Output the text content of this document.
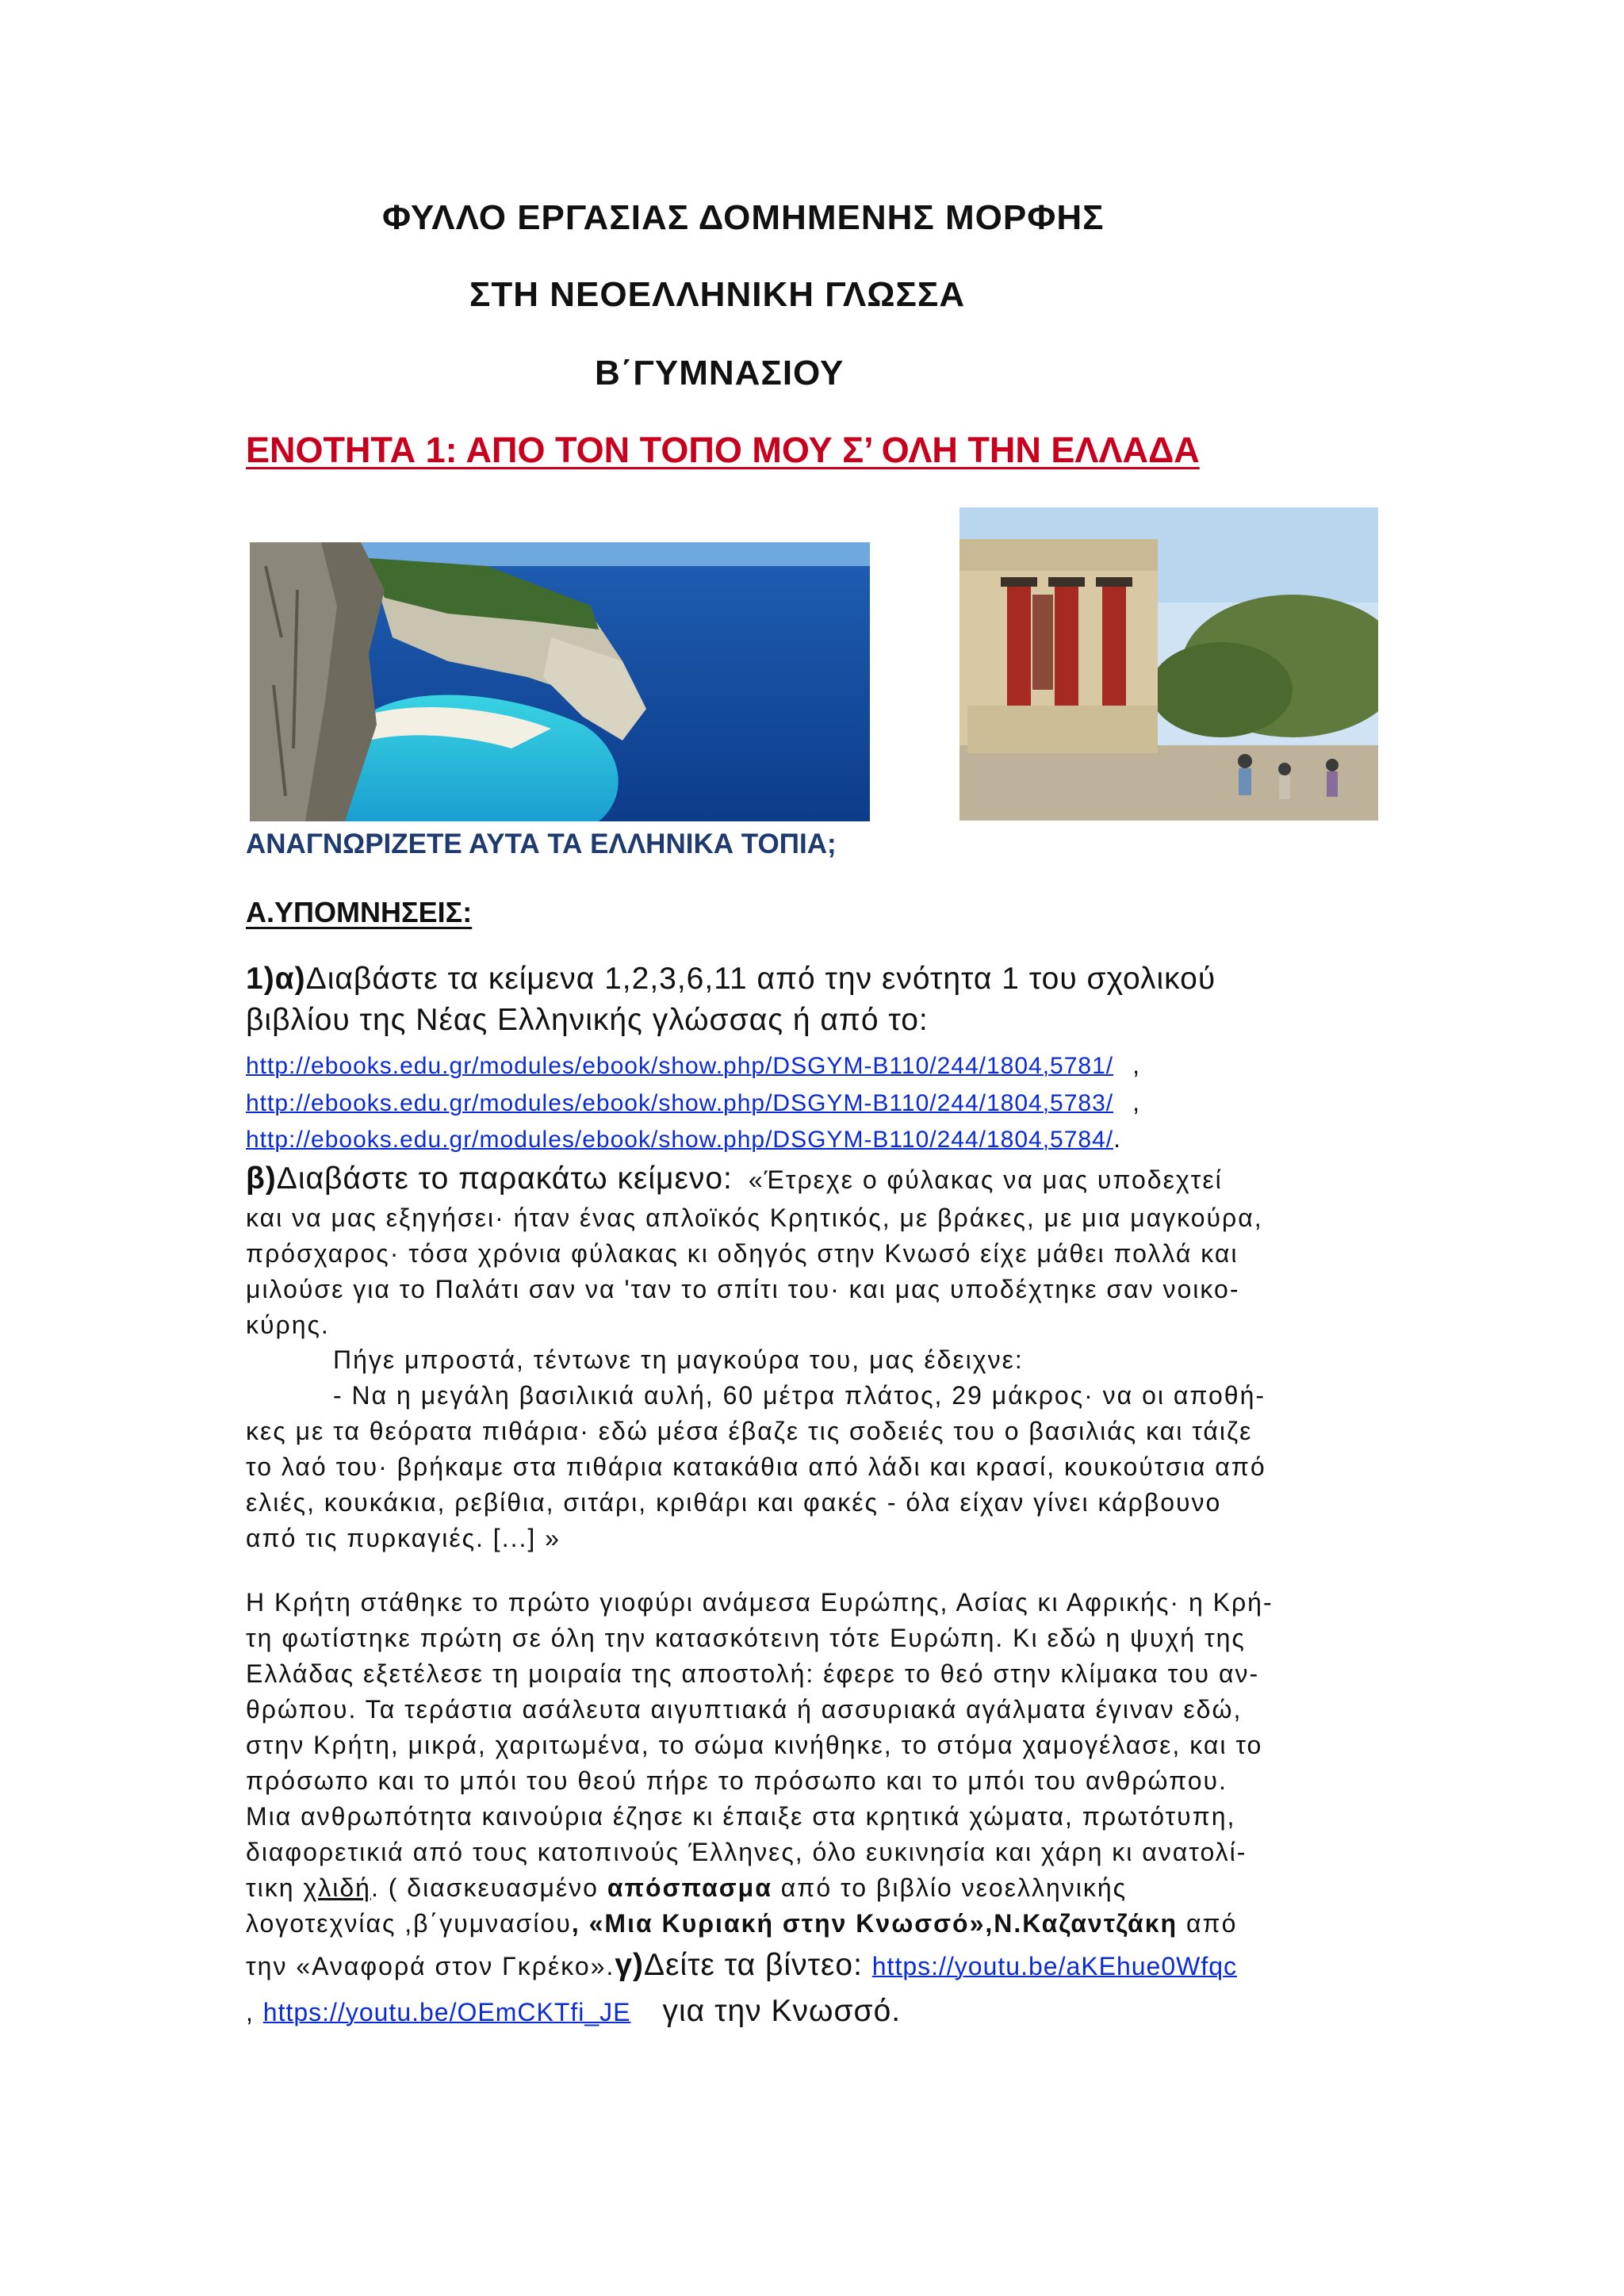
ΦΥΛΛΟ ΕΡΓΑΣΙΑΣ ΔΟΜΗΜΕΝΗΣ ΜΟΡΦΗΣ
ΣΤΗ ΝΕΟΕΛΛΗΝΙΚΗ ΓΛΩΣΣΑ
Β΄ΓΥΜΝΑΣΙΟΥ
ΕΝΟΤΗΤΑ 1: ΑΠΟ ΤΟΝ ΤΟΠΟ ΜΟΥ Σ’ ΟΛΗ ΤΗΝ ΕΛΛΑΔΑ
ΑΝΑΓΝΩΡΙΖΕΤΕ ΑΥΤΑ ΤΑ ΕΛΛΗΝΙΚΑ ΤΟΠΙΑ;
Α.ΥΠΟΜΝΗΣΕΙΣ:
1)α)Διαβάστε τα κείμενα 1,2,3,6,11 από την ενότητα 1 του σχολικού
βιβλίου της Νέας Ελληνικής γλώσσας ή από το:
http://ebooks.edu.gr/modules/ebook/show.php/DSGYM-B110/244/1804,5781/ ,
http://ebooks.edu.gr/modules/ebook/show.php/DSGYM-B110/244/1804,5783/ ,
http://ebooks.edu.gr/modules/ebook/show.php/DSGYM-B110/244/1804,5784/.
β)Διαβάστε το παρακάτω κείμενο: «Έτρεχε ο φύλακας να μας υποδεχτεί
και να μας εξηγήσει· ήταν ένας απλοϊκός Κρητικός, με βράκες, με μια μαγκούρα,
πρόσχαρος· τόσα χρόνια φύλακας κι οδηγός στην Κνωσό είχε μάθει πολλά και
μιλούσε για το Παλάτι σαν να 'ταν το σπίτι του· και μας υποδέχτηκε σαν νοικο-
κύρης.
Πήγε μπροστά, τέντωνε τη μαγκούρα του, μας έδειχνε:
- Να η μεγάλη βασιλικιά αυλή, 60 μέτρα πλάτος, 29 μάκρος· να οι αποθή-
κες με τα θεόρατα πιθάρια· εδώ μέσα έβαζε τις σοδειές του ο βασιλιάς και τάιζε
το λαό του· βρήκαμε στα πιθάρια κατακάθια από λάδι και κρασί, κουκούτσια από
ελιές, κουκάκια, ρεβίθια, σιτάρι, κριθάρι και φακές - όλα είχαν γίνει κάρβουνο
από τις πυρκαγιές. [...] »
Η Κρήτη στάθηκε το πρώτο γιοφύρι ανάμεσα Ευρώπης, Ασίας κι Αφρικής· η Κρή-
τη φωτίστηκε πρώτη σε όλη την κατασκότεινη τότε Ευρώπη. Κι εδώ η ψυχή της
Ελλάδας εξετέλεσε τη μοιραία της αποστολή: έφερε το θεό στην κλίμακα του αν-
θρώπου. Τα τεράστια ασάλευτα αιγυπτιακά ή ασσυριακά αγάλματα έγιναν εδώ,
στην Κρήτη, μικρά, χαριτωμένα, το σώμα κινήθηκε, το στόμα χαμογέλασε, και το
πρόσωπο και το μπόι του θεού πήρε το πρόσωπο και το μπόι του ανθρώπου.
Μια ανθρωπότητα καινούρια έζησε κι έπαιξε στα κρητικά χώματα, πρωτότυπη,
διαφορετικιά από τους κατοπινούς Έλληνες, όλο ευκινησία και χάρη κι ανατολί-
τικη χλιδή. ( διασκευασμένο απόσπασμα από το βιβλίο νεοελληνικής
λογοτεχνίας ,β΄γυμνασίου, «Μια Κυριακή στην Κνωσσό»,Ν.Καζαντζάκη από
την «Αναφορά στον Γκρέκο».γ)Δείτε τα βίντεο: https://youtu.be/aKEhue0Wfqc
, https://youtu.be/OEmCKTfi_JE για την Κνωσσό.
